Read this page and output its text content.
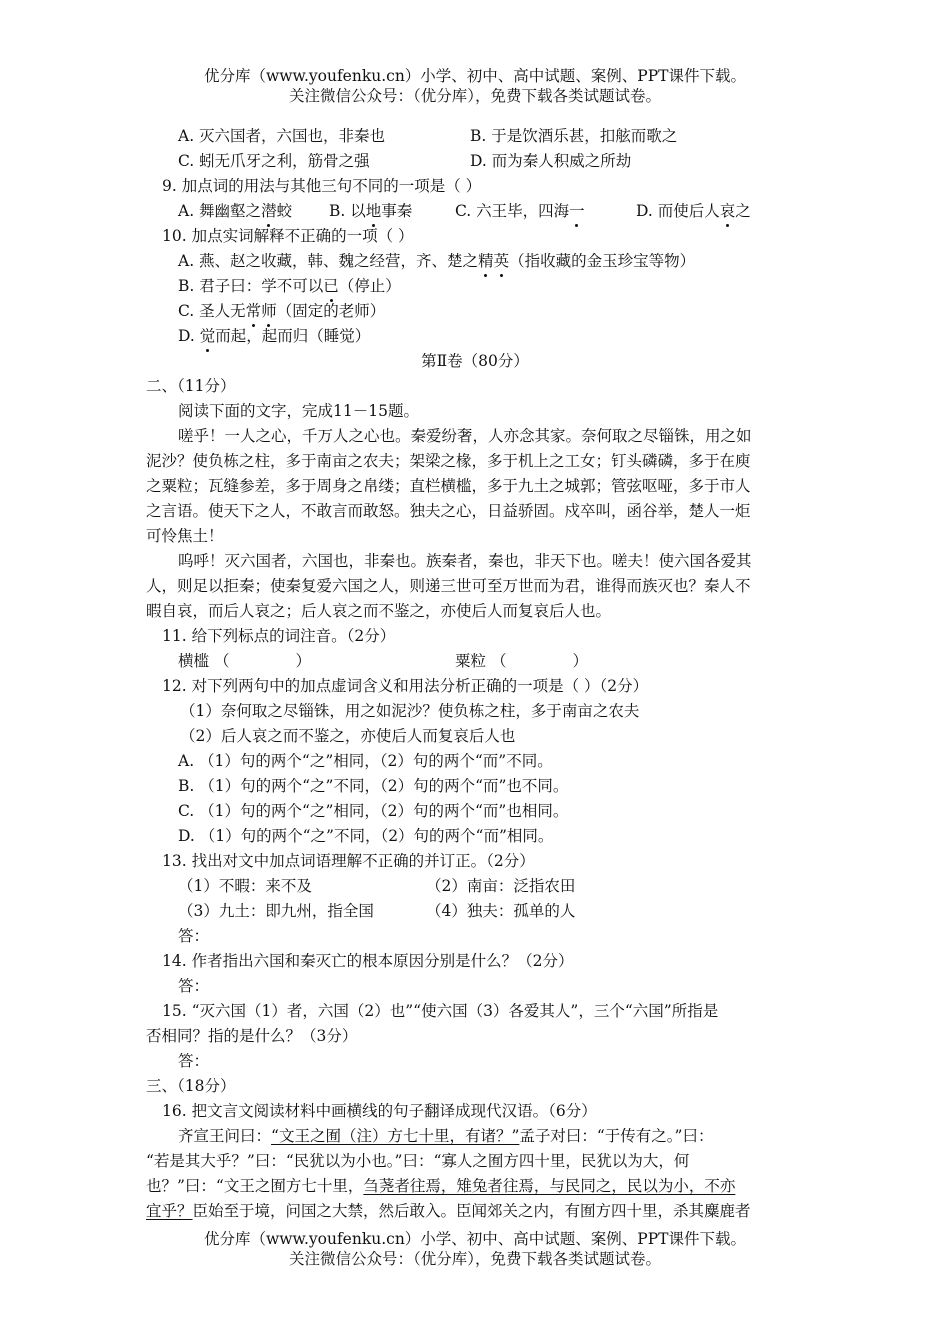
优分库（www.youfenku.cn）小学、初中、高中试题、案例、PPT课件下载。
关注微信公众号：（优分库），免费下载各类试题试卷。
A. 灭六国者，六国也，非秦也	B. 于是饮酒乐甚，扣舷而歌之
C. 蚓无爪牙之利，筋骨之强	D. 而为秦人积威之所劫
9. 加点词的用法与其他三句不同的一项是（ ）
A. 舞幽壑之潜蛟 B. 以地事秦	C. 六王毕，四海一	D. 而使后人哀之
10. 加点实词解释不正确的一项（ ）
A. 燕、赵之收藏，韩、魏之经营，齐、楚之精英（指收藏的金玉珍宝等物）
B. 君子曰：学不可以已（停止）
C. 圣人无常师（固定的老师）
D. 觉而起，起而归（睡觉）
第Ⅱ卷（80分）
二、（11分）
阅读下面的文字，完成11－15题。
嗟乎！一人之心，千万人之心也。秦爱纷奢，人亦念其家。奈何取之尽锱铢，用之如
泥沙？使负栋之柱，多于南亩之农夫；架梁之椽，多于机上之工女；钉头磷磷，多于在庾
之粟粒；瓦缝参差，多于周身之帛缕；直栏横槛，多于九土之城郭；管弦呕哑，多于市人
之言语。使天下之人，不敢言而敢怒。独夫之心，日益骄固。戍卒叫，函谷举，楚人一炬
可怜焦土！
呜呼！灭六国者，六国也，非秦也。族秦者，秦也，非天下也。嗟夫！使六国各爱其
人，则足以拒秦；使秦复爱六国之人，则递三世可至万世而为君，谁得而族灭也？秦人不
暇自哀，而后人哀之；后人哀之而不鉴之，亦使后人而复哀后人也。
11. 给下列标点的词注音。（2分）
横槛 （	）	粟粒 （	）
12. 对下列两句中的加点虚词含义和用法分析正确的一项是（ ）（2分）
（1）奈何取之尽锱铢，用之如泥沙？使负栋之柱，多于南亩之农夫
（2）后人哀之而不鉴之，亦使后人而复哀后人也
A. （1）句的两个“之”相同，（2）句的两个“而”不同。
B. （1）句的两个“之”不同，（2）句的两个“而”也不同。
C. （1）句的两个“之”相同，（2）句的两个“而”也相同。
D. （1）句的两个“之”不同，（2）句的两个“而”相同。
13. 找出对文中加点词语理解不正确的并订正。（2分）
（1）不暇：来不及	（2）南亩：泛指农田
（3）九土：即九州，指全国	（4）独夫：孤单的人
答：
14. 作者指出六国和秦灭亡的根本原因分别是什么？（2分）
答：
15. “灭六国（1）者，六国（2）也”“使六国（3）各爱其人”，三个“六国”所指是
否相同？指的是什么？（3分）
答：
三、（18分）
16. 把文言文阅读材料中画横线的句子翻译成现代汉语。（6分）
齐宣王问曰：“文王之囿（注）方七十里，有诸？”孟子对曰：“于传有之。”曰：
“若是其大乎？”曰：“民犹以为小也。”曰：“寡人之囿方四十里，民犹以为大，何
也？”曰：“文王之囿方七十里，刍荛者往焉，雉兔者往焉，与民同之，民以为小，不亦
宜乎？臣始至于境，问国之大禁，然后敢入。臣闻郊关之内，有囿方四十里，杀其麋鹿者
优分库（www.youfenku.cn）小学、初中、高中试题、案例、PPT课件下载。
关注微信公众号：（优分库），免费下载各类试题试卷。
